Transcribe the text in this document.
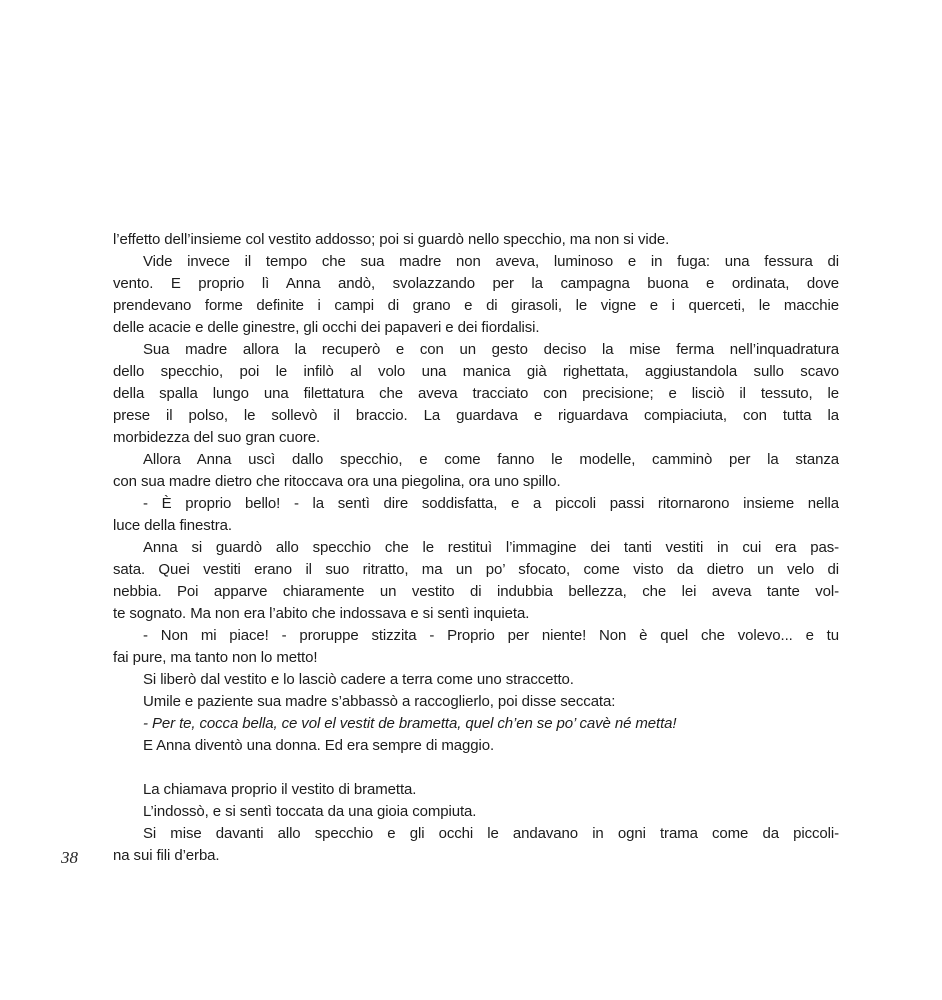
l’effetto dell’insieme col vestito addosso; poi si guardò nello specchio, ma non si vide.
Vide invece il tempo che sua madre non aveva, luminoso e in fuga: una fessura di
vento. E proprio lì Anna andò, svolazzando per la campagna buona e ordinata, dove
prendevano forme definite i campi di grano e di girasoli, le vigne e i querceti, le macchie
delle acacie e delle ginestre, gli occhi dei papaveri e dei fiordalisi.
Sua madre allora la recuperò e con un gesto deciso la mise ferma nell’inquadratura
dello specchio, poi le infilò al volo una manica già righettata, aggiustandola sullo scavo
della spalla lungo una filettatura che aveva tracciato con precisione; e lisciò il tessuto, le
prese il polso, le sollevò il braccio. La guardava e riguardava compiaciuta, con tutta la
morbidezza del suo gran cuore.
Allora Anna uscì dallo specchio, e come fanno le modelle, camminò per la stanza
con sua madre dietro che ritoccava ora una piegolina, ora uno spillo.
- È proprio bello! - la sentì dire soddisfatta, e a piccoli passi ritornarono insieme nella
luce della finestra.
Anna si guardò allo specchio che le restituì l’immagine dei tanti vestiti in cui era pas-
sata. Quei vestiti erano il suo ritratto, ma un po’ sfocato, come visto da dietro un velo di
nebbia. Poi apparve chiaramente un vestito di indubbia bellezza, che lei aveva tante vol-
te sognato. Ma non era l’abito che indossava e si sentì inquieta.
- Non mi piace! - proruppe stizzita - Proprio per niente! Non è quel che volevo... e tu
fai pure, ma tanto non lo metto!
Si liberò dal vestito e lo lasciò cadere a terra come uno straccetto.
Umile e paziente sua madre s’abbassò a raccoglierlo, poi disse seccata:
- Per te, cocca bella, ce vol el vestit de brametta, quel ch’en se po’ cavè né metta!
E Anna diventò una donna. Ed era sempre di maggio.
La chiamava proprio il vestito di brametta.
L’indossò, e si sentì toccata da una gioia compiuta.
Si mise davanti allo specchio e gli occhi le andavano in ogni trama come da piccoli-
na sui fili d’erba.
38
